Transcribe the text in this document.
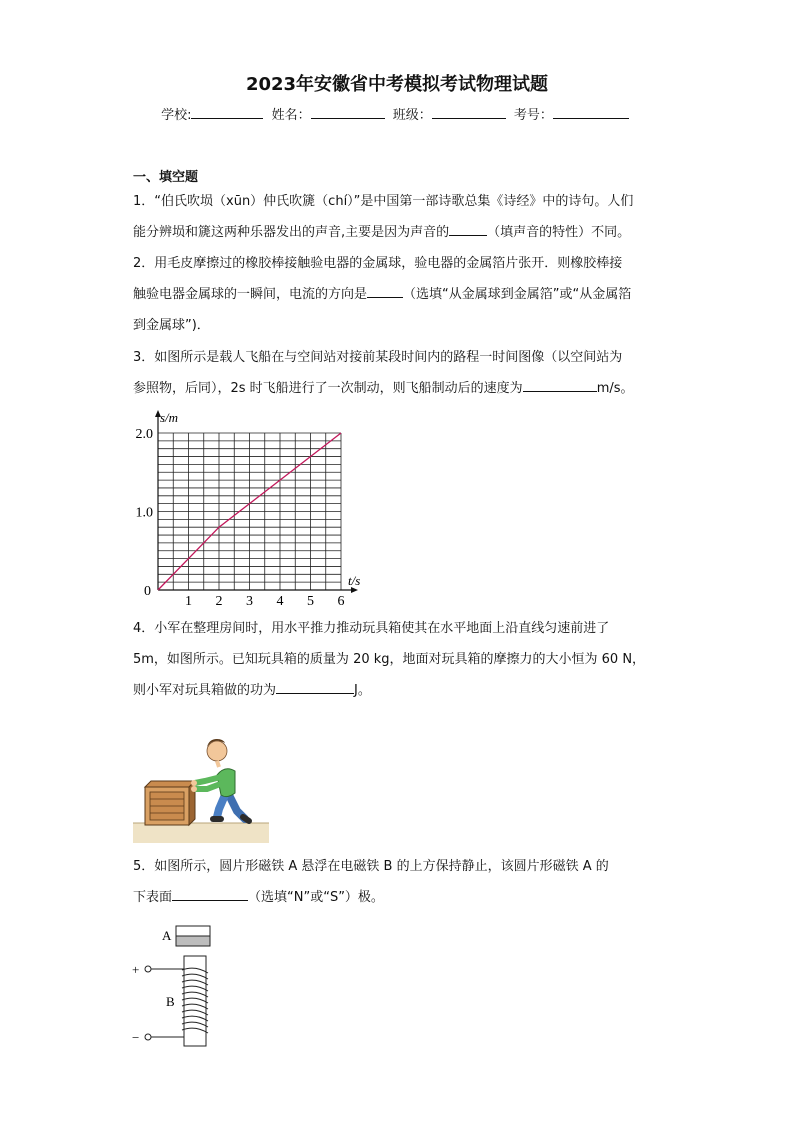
2023年安徽省中考模拟考试物理试题
学校:	姓名：	班级：	考号：
一、填空题
1．“伯氏吹埙（xūn）仲氏吹篪（chí）”是中国第一部诗歌总集《诗经》中的诗句。人们
能分辨埙和篪这两种乐器发出的声音,主要是因为声音的	（填声音的特性）不同。
2．用毛皮摩擦过的橡胶棒接触验电器的金属球，验电器的金属箔片张开．则橡胶棒接
触验电器金属球的一瞬间，电流的方向是	（选填“从金属球到金属箔”或“从金属箔
到金属球”)．
3．如图所示是载人飞船在与空间站对接前某段时间内的路程一时间图像（以空间站为
参照物，后同），2s 时飞船进行了一次制动，则飞船制动后的速度为	m/s。
1 2 3 4 5 6
0
1.0
2.0
s/m
t/s
4．小军在整理房间时，用水平推力推动玩具箱使其在水平地面上沿直线匀速前进了
5m，如图所示。已知玩具箱的质量为 20 kg，地面对玩具箱的摩擦力的大小恒为 60 N，
则小军对玩具箱做的功为	J。
5．如图所示，圆片形磁铁 A 悬浮在电磁铁 B 的上方保持静止，该圆片形磁铁 A 的
下表面	（选填“N”或“S”）极。
A
B
+
−
